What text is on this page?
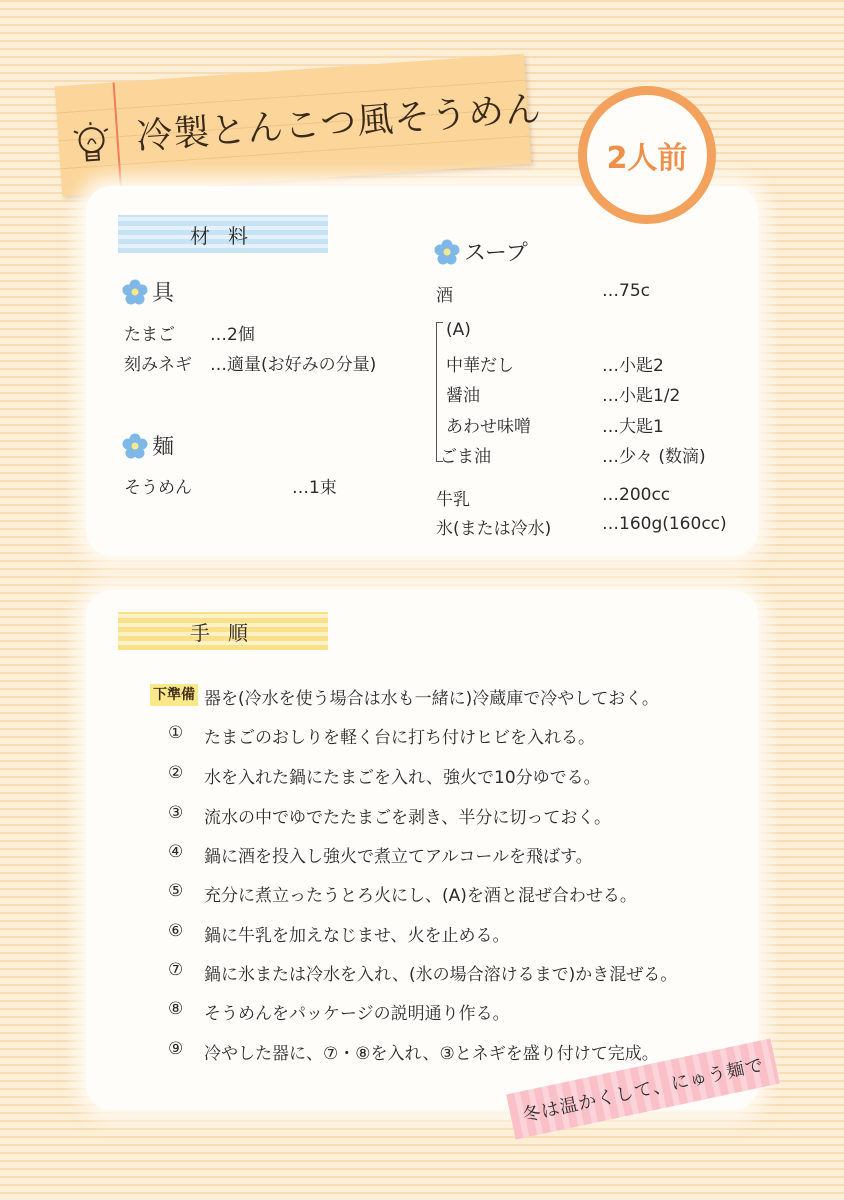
冷製とんこつ風そうめん
2人前
材料
具
たまご …2個
刻みネギ …適量(お好みの分量)
麺
そうめん	…1束
スープ
酒	…75c
(A)
中華だし	…小匙2
醤油	…小匙1/2
あわせ味噌	…大匙1
ごま油	…少々 (数滴)
牛乳	…200cc
氷(または冷水)	…160g(160cc)
手順
下準備 器を(冷水を使う場合は水も一緒に)冷蔵庫で冷やしておく。
①	たまごのおしりを軽く台に打ち付けヒビを入れる。
②	水を入れた鍋にたまごを入れ、強火で10分ゆでる。
③	流水の中でゆでたたまごを剥き、半分に切っておく。
④	鍋に酒を投入し強火で煮立てアルコールを飛ばす。
⑤	充分に煮立ったうとろ火にし、(A)を酒と混ぜ合わせる。
⑥	鍋に牛乳を加えなじませ、火を止める。
⑦	鍋に氷または冷水を入れ、(氷の場合溶けるまで)かき混ぜる。
⑧	そうめんをパッケージの説明通り作る。
⑨	冷やした器に、⑦・⑧を入れ、③とネギを盛り付けて完成。
冬は温かくして、にゅう麺で
